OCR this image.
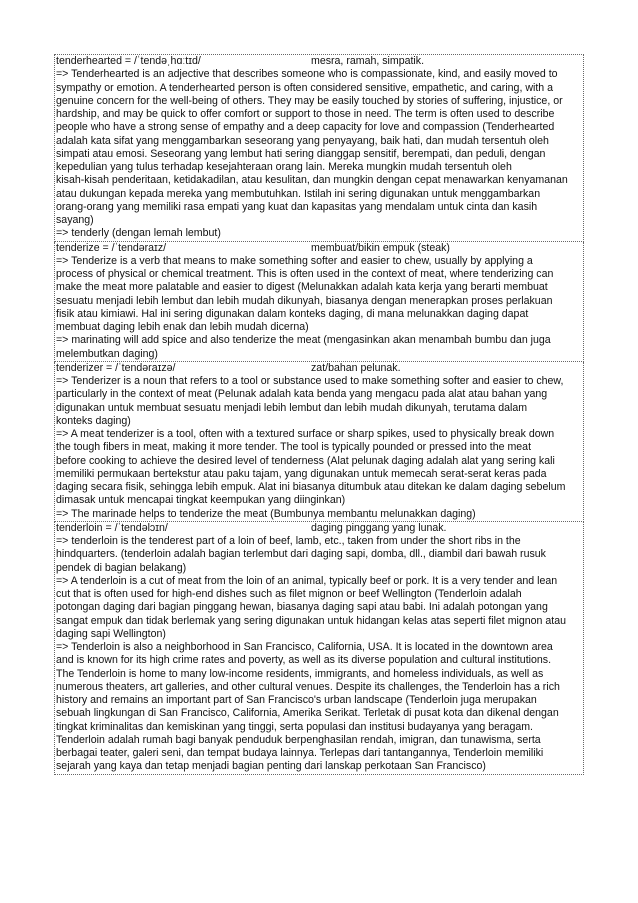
tenderhearted = /ˈtendəˌhɑːtɪd/	mesra, ramah, simpatik.
=> Tenderhearted is an adjective that describes someone who is compassionate, kind, and easily moved to
sympathy or emotion. A tenderhearted person is often considered sensitive, empathetic, and caring, with a
genuine concern for the well-being of others. They may be easily touched by stories of suffering, injustice, or
hardship, and may be quick to offer comfort or support to those in need. The term is often used to describe
people who have a strong sense of empathy and a deep capacity for love and compassion (Tenderhearted
adalah kata sifat yang menggambarkan seseorang yang penyayang, baik hati, dan mudah tersentuh oleh
simpati atau emosi. Seseorang yang lembut hati sering dianggap sensitif, berempati, dan peduli, dengan
kepedulian yang tulus terhadap kesejahteraan orang lain. Mereka mungkin mudah tersentuh oleh
kisah-kisah penderitaan, ketidakadilan, atau kesulitan, dan mungkin dengan cepat menawarkan kenyamanan
atau dukungan kepada mereka yang membutuhkan. Istilah ini sering digunakan untuk menggambarkan
orang-orang yang memiliki rasa empati yang kuat dan kapasitas yang mendalam untuk cinta dan kasih
sayang)
=> tenderly (dengan lemah lembut)
tenderize = /ˈtendəraɪz/	membuat/bikin empuk (steak)
=> Tenderize is a verb that means to make something softer and easier to chew, usually by applying a
process of physical or chemical treatment. This is often used in the context of meat, where tenderizing can
make the meat more palatable and easier to digest (Melunakkan adalah kata kerja yang berarti membuat
sesuatu menjadi lebih lembut dan lebih mudah dikunyah, biasanya dengan menerapkan proses perlakuan
fisik atau kimiawi. Hal ini sering digunakan dalam konteks daging, di mana melunakkan daging dapat
membuat daging lebih enak dan lebih mudah dicerna)
=> marinating will add spice and also tenderize the meat (mengasinkan akan menambah bumbu dan juga
melembutkan daging)
tenderizer = /ˈtendəraɪzə/	zat/bahan pelunak.
=> Tenderizer is a noun that refers to a tool or substance used to make something softer and easier to chew,
particularly in the context of meat (Pelunak adalah kata benda yang mengacu pada alat atau bahan yang
digunakan untuk membuat sesuatu menjadi lebih lembut dan lebih mudah dikunyah, terutama dalam
konteks daging)
=> A meat tenderizer is a tool, often with a textured surface or sharp spikes, used to physically break down
the tough fibers in meat, making it more tender. The tool is typically pounded or pressed into the meat
before cooking to achieve the desired level of tenderness (Alat pelunak daging adalah alat yang sering kali
memiliki permukaan bertekstur atau paku tajam, yang digunakan untuk memecah serat-serat keras pada
daging secara fisik, sehingga lebih empuk. Alat ini biasanya ditumbuk atau ditekan ke dalam daging sebelum
dimasak untuk mencapai tingkat keempukan yang diinginkan)
=> The marinade helps to tenderize the meat (Bumbunya membantu melunakkan daging)
tenderloin = /ˈtendəlɔɪn/	daging pinggang yang lunak.
=> tenderloin is the tenderest part of a loin of beef, lamb, etc., taken from under the short ribs in the
hindquarters. (tenderloin adalah bagian terlembut dari daging sapi, domba, dll., diambil dari bawah rusuk
pendek di bagian belakang)
=> A tenderloin is a cut of meat from the loin of an animal, typically beef or pork. It is a very tender and lean
cut that is often used for high-end dishes such as filet mignon or beef Wellington (Tenderloin adalah
potongan daging dari bagian pinggang hewan, biasanya daging sapi atau babi. Ini adalah potongan yang
sangat empuk dan tidak berlemak yang sering digunakan untuk hidangan kelas atas seperti filet mignon atau
daging sapi Wellington)
=> Tenderloin is also a neighborhood in San Francisco, California, USA. It is located in the downtown area
and is known for its high crime rates and poverty, as well as its diverse population and cultural institutions.
The Tenderloin is home to many low-income residents, immigrants, and homeless individuals, as well as
numerous theaters, art galleries, and other cultural venues. Despite its challenges, the Tenderloin has a rich
history and remains an important part of San Francisco's urban landscape (Tenderloin juga merupakan
sebuah lingkungan di San Francisco, California, Amerika Serikat. Terletak di pusat kota dan dikenal dengan
tingkat kriminalitas dan kemiskinan yang tinggi, serta populasi dan institusi budayanya yang beragam.
Tenderloin adalah rumah bagi banyak penduduk berpenghasilan rendah, imigran, dan tunawisma, serta
berbagai teater, galeri seni, dan tempat budaya lainnya. Terlepas dari tantangannya, Tenderloin memiliki
sejarah yang kaya dan tetap menjadi bagian penting dari lanskap perkotaan San Francisco)
